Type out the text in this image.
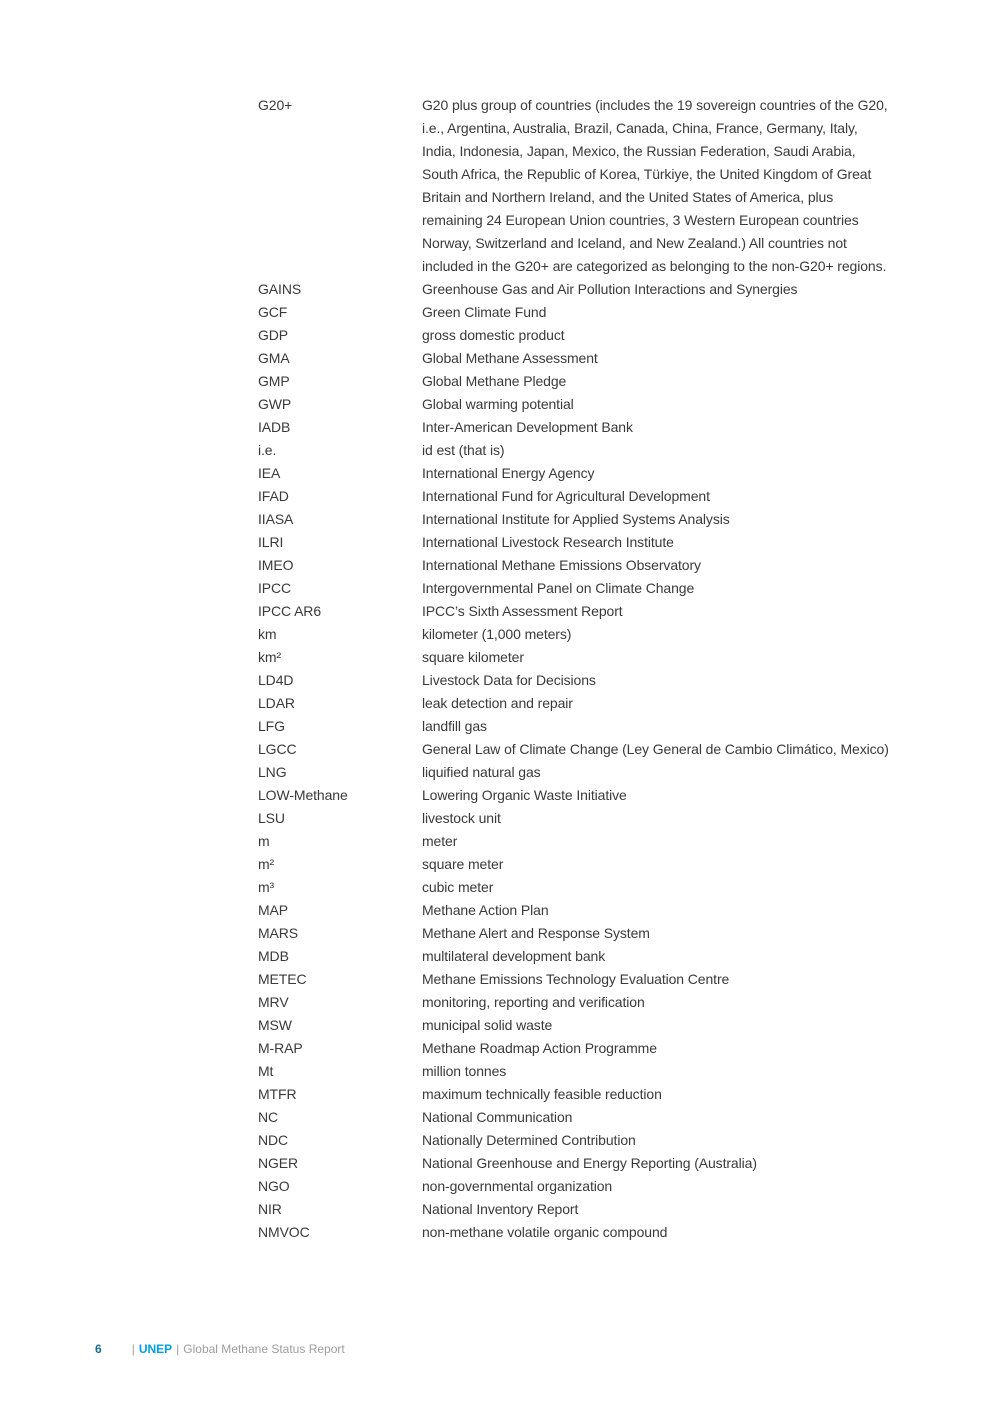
G20+	G20 plus group of countries (includes the 19 sovereign countries of the G20, i.e., Argentina, Australia, Brazil, Canada, China, France, Germany, Italy, India, Indonesia, Japan, Mexico, the Russian Federation, Saudi Arabia, South Africa, the Republic of Korea, Türkiye, the United Kingdom of Great Britain and Northern Ireland, and the United States of America, plus remaining 24 European Union countries, 3 Western European countries Norway, Switzerland and Iceland, and New Zealand.) All countries not included in the G20+ are categorized as belonging to the non-G20+ regions.
GAINS	Greenhouse Gas and Air Pollution Interactions and Synergies
GCF	Green Climate Fund
GDP	gross domestic product
GMA	Global Methane Assessment
GMP	Global Methane Pledge
GWP	Global warming potential
IADB	Inter-American Development Bank
i.e.	id est (that is)
IEA	International Energy Agency
IFAD	International Fund for Agricultural Development
IIASA	International Institute for Applied Systems Analysis
ILRI	International Livestock Research Institute
IMEO	International Methane Emissions Observatory
IPCC	Intergovernmental Panel on Climate Change
IPCC AR6	IPCC’s Sixth Assessment Report
km	kilometer (1,000 meters)
km²	square kilometer
LD4D	Livestock Data for Decisions
LDAR	leak detection and repair
LFG	landfill gas
LGCC	General Law of Climate Change (Ley General de Cambio Climático, Mexico)
LNG	liquified natural gas
LOW-Methane	Lowering Organic Waste Initiative
LSU	livestock unit
m	meter
m²	square meter
m³	cubic meter
MAP	Methane Action Plan
MARS	Methane Alert and Response System
MDB	multilateral development bank
METEC	Methane Emissions Technology Evaluation Centre
MRV	monitoring, reporting and verification
MSW	municipal solid waste
M-RAP	Methane Roadmap Action Programme
Mt	million tonnes
MTFR	maximum technically feasible reduction
NC	National Communication
NDC	Nationally Determined Contribution
NGER	National Greenhouse and Energy Reporting (Australia)
NGO	non-governmental organization
NIR	National Inventory Report
NMVOC	non-methane volatile organic compound
6	| UNEP | Global Methane Status Report
